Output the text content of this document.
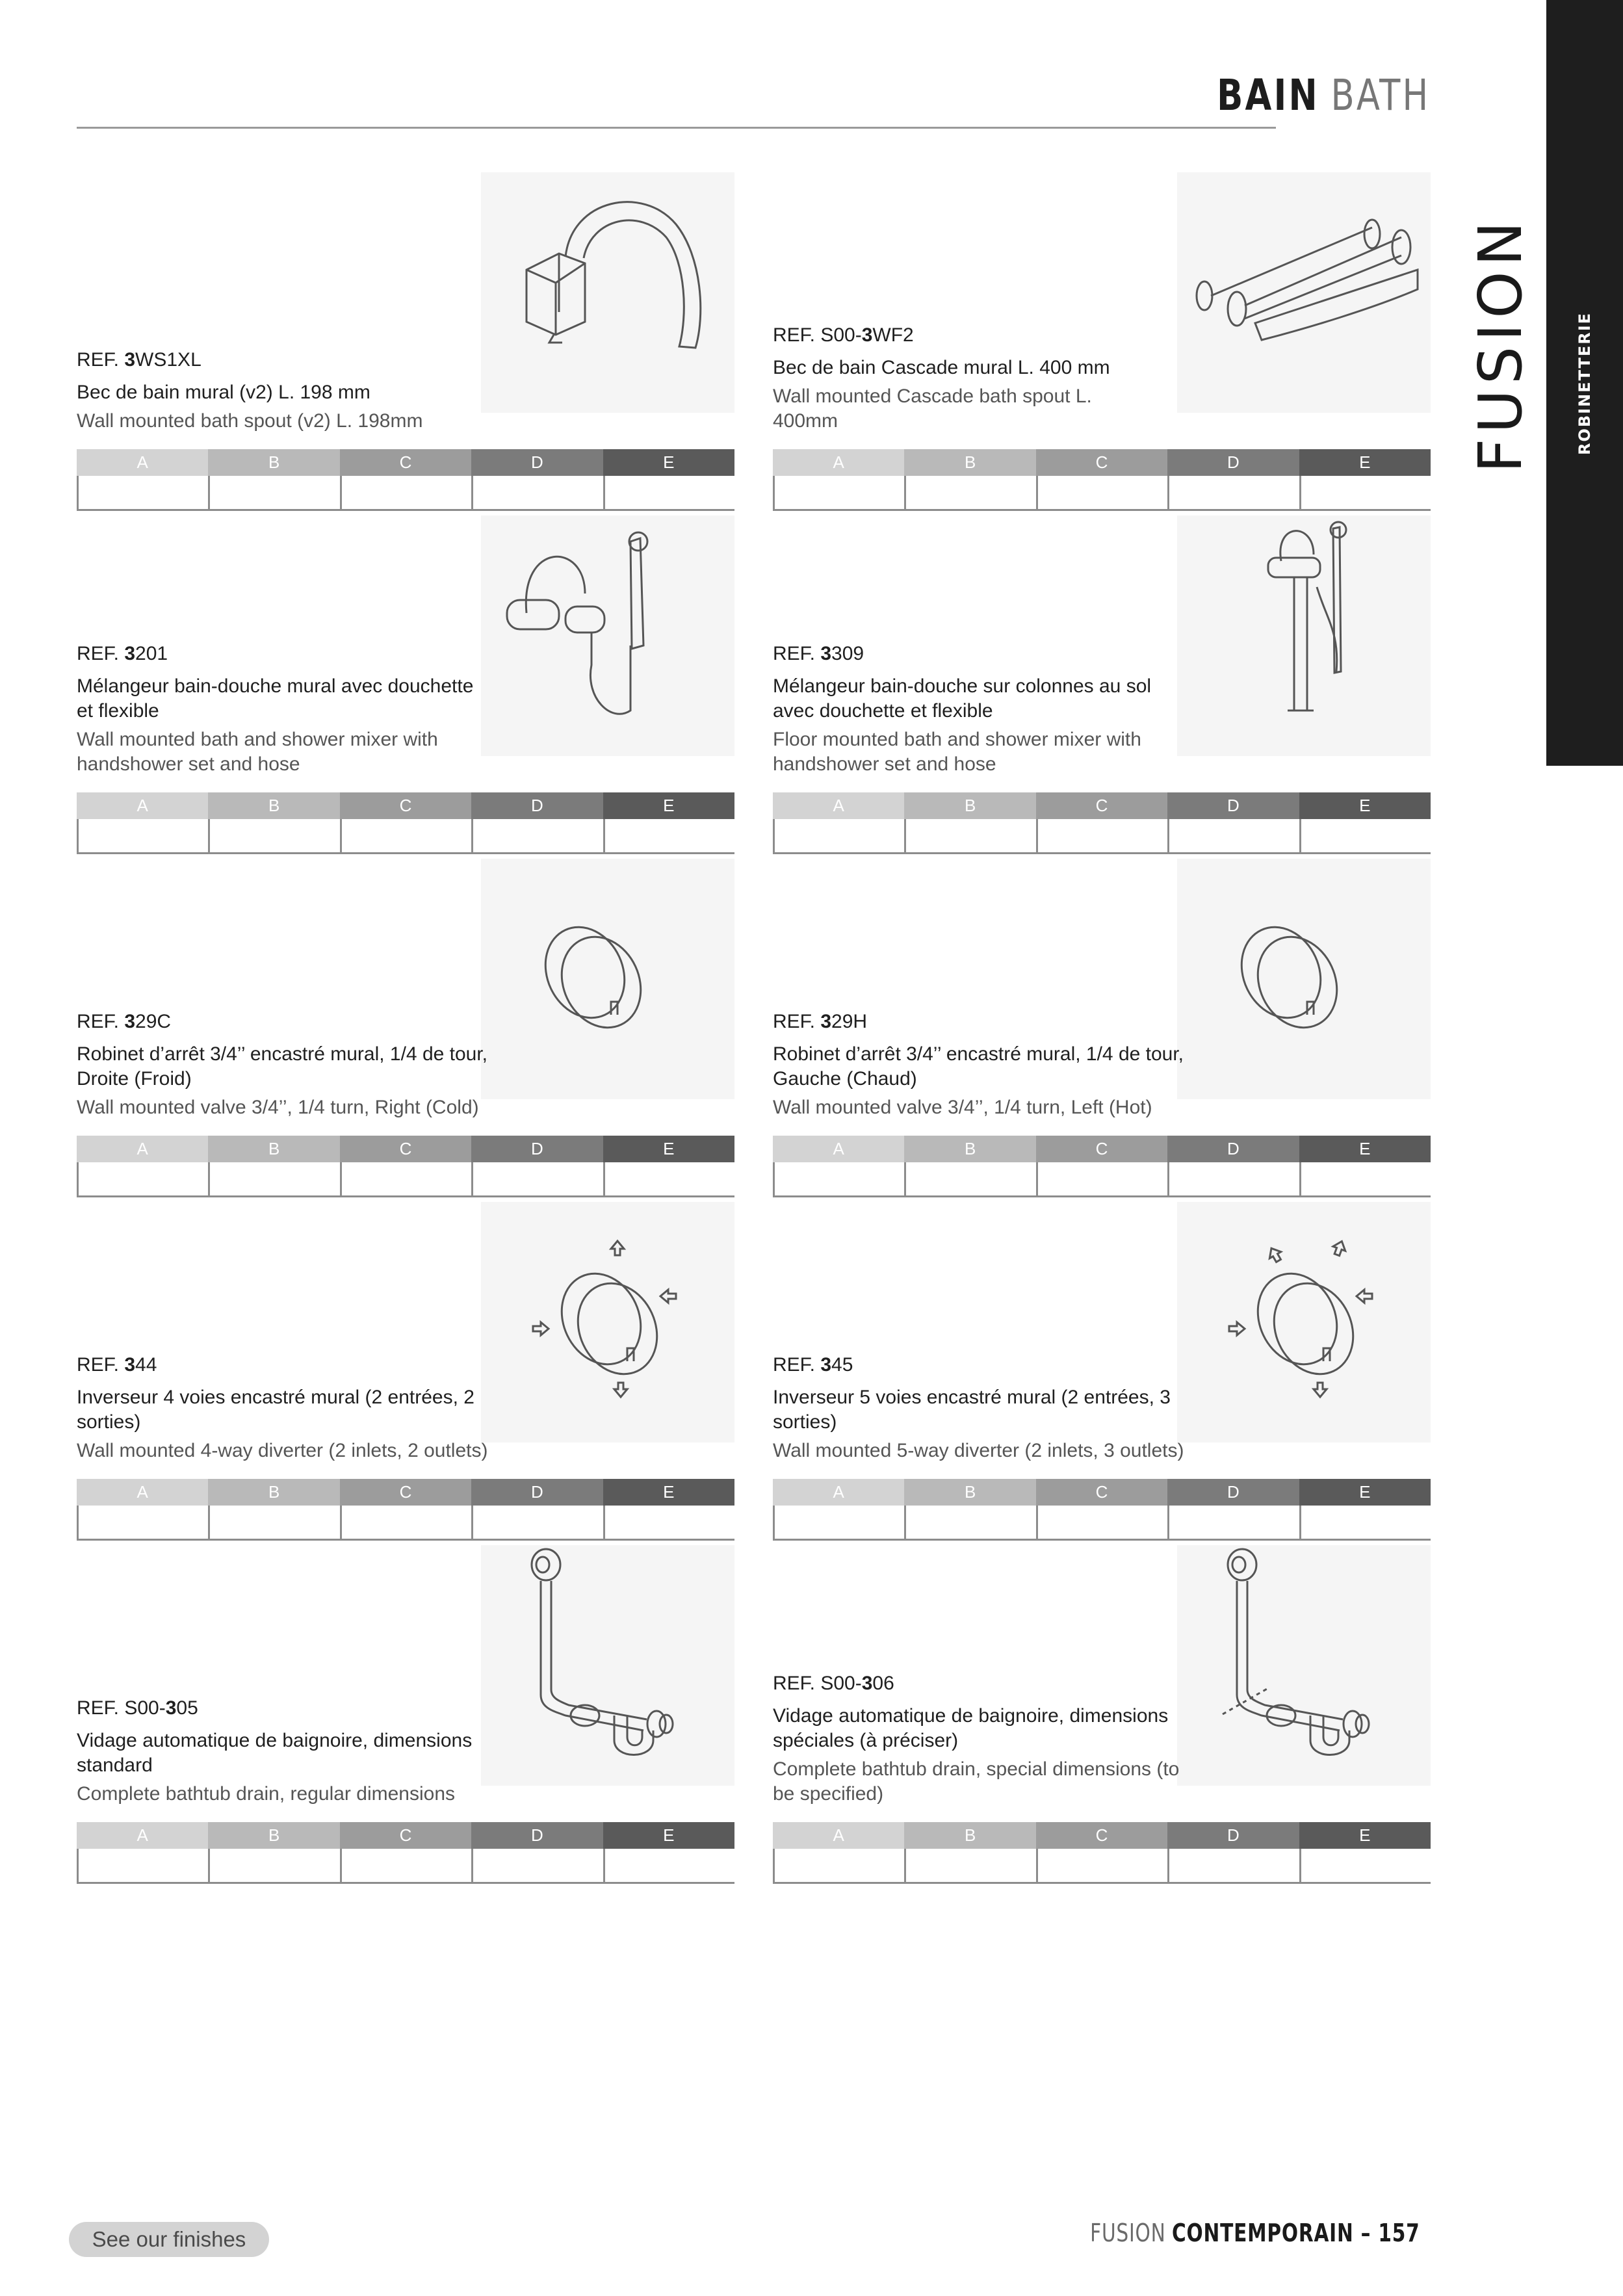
BAIN BATH
FUSION	ROBINETTERIE
REF. 3WS1XL
Bec de bain mural (v2) L. 198 mm
Wall mounted bath spout (v2) L. 198mm
A	B	C	D	E
REF. S00-3WF2
Bec de bain Cascade mural L. 400 mm
Wall mounted Cascade bath spout L. 400mm
A	B	C	D	E
REF. 3201
Mélangeur bain-douche mural avec douchette et flexible
Wall mounted bath and shower mixer with handshower set and hose
A	B	C	D	E
REF. 3309
Mélangeur bain-douche sur colonnes au sol avec douchette et flexible
Floor mounted bath and shower mixer with handshower set and hose
A	B	C	D	E
REF. 329C
Robinet d’arrêt 3/4’’ encastré mural, 1/4 de tour, Droite (Froid)
Wall mounted valve 3/4’’, 1/4 turn, Right (Cold)
A	B	C	D	E
REF. 329H
Robinet d’arrêt 3/4’’ encastré mural, 1/4 de tour, Gauche (Chaud)
Wall mounted valve 3/4’’, 1/4 turn, Left (Hot)
A	B	C	D	E
REF. 344
Inverseur 4 voies encastré mural (2 entrées, 2 sorties)
Wall mounted 4-way diverter (2 inlets, 2 outlets)
A	B	C	D	E
REF. 345
Inverseur 5 voies encastré mural (2 entrées, 3 sorties)
Wall mounted 5-way diverter (2 inlets, 3 outlets)
A	B	C	D	E
REF. S00-305
Vidage automatique de baignoire, dimensions standard
Complete bathtub drain, regular dimensions
A	B	C	D	E
REF. S00-306
Vidage automatique de baignoire, dimensions spéciales (à préciser)
Complete bathtub drain, special dimensions (to be specified)
A	B	C	D	E
See our finishes	FUSION CONTEMPORAIN – 157
